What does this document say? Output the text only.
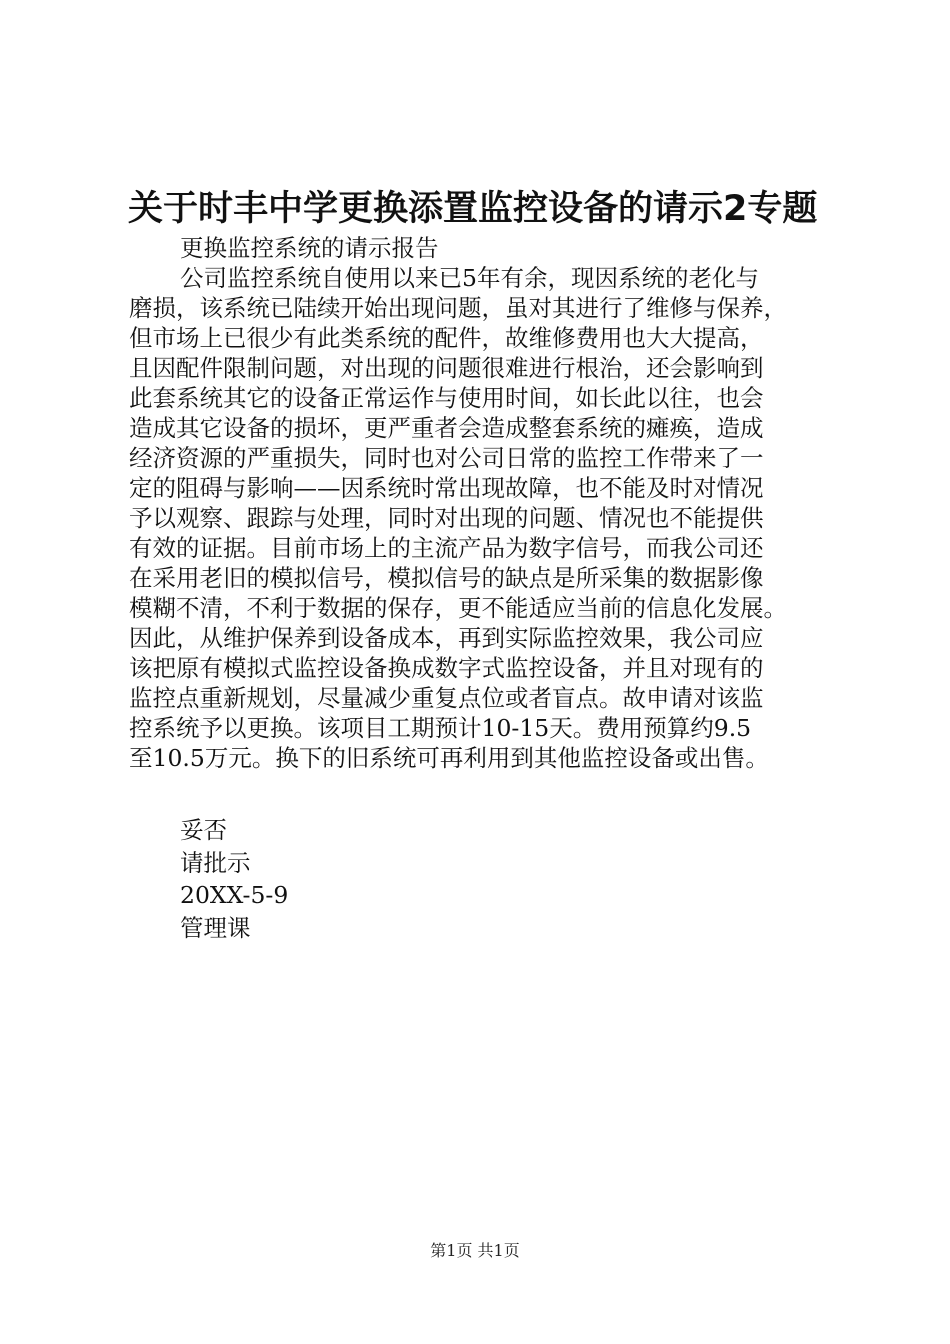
关于时丰中学更换添置监控设备的请示2专题

更换监控系统的请示报告

公司监控系统自使用以来已5年有余，现因系统的老化与

磨损，该系统已陆续开始出现问题，虽对其进行了维修与保养，

但市场上已很少有此类系统的配件，故维修费用也大大提高，

且因配件限制问题，对出现的问题很难进行根治，还会影响到

此套系统其它的设备正常运作与使用时间，如长此以往，也会

造成其它设备的损坏，更严重者会造成整套系统的瘫痪，造成

经济资源的严重损失，同时也对公司日常的监控工作带来了一

定的阻碍与影响——因系统时常出现故障，也不能及时对情况

予以观察、跟踪与处理，同时对出现的问题、情况也不能提供

有效的证据。目前市场上的主流产品为数字信号，而我公司还

在采用老旧的模拟信号，模拟信号的缺点是所采集的数据影像

模糊不清，不利于数据的保存，更不能适应当前的信息化发展。

因此，从维护保养到设备成本，再到实际监控效果，我公司应

该把原有模拟式监控设备换成数字式监控设备，并且对现有的

监控点重新规划，尽量减少重复点位或者盲点。故申请对该监

控系统予以更换。该项目工期预计10-15天。费用预算约9.5

至10.5万元。换下的旧系统可再利用到其他监控设备或出售。

妥否

请批示

20XX-5-9

管理课

第1页 共1页
